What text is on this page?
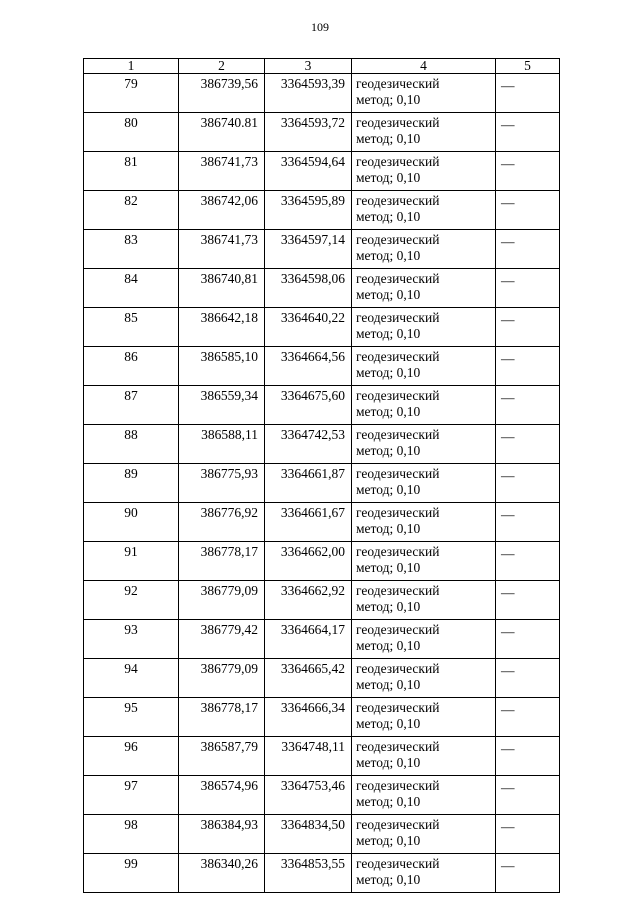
109
1	2	3	4	5
79	386739,56	3364593,39	геодезический
метод; 0,10	—
80	386740.81	3364593,72	геодезический
метод; 0,10	—
81	386741,73	3364594,64	геодезический
метод; 0,10	—
82	386742,06	3364595,89	геодезический
метод; 0,10	—
83	386741,73	3364597,14	геодезический
метод; 0,10	—
84	386740,81	3364598,06	геодезический
метод; 0,10	—
85	386642,18	3364640,22	геодезический
метод; 0,10	—
86	386585,10	3364664,56	геодезический
метод; 0,10	—
87	386559,34	3364675,60	геодезический
метод; 0,10	—
88	386588,11	3364742,53	геодезический
метод; 0,10	—
89	386775,93	3364661,87	геодезический
метод; 0,10	—
90	386776,92	3364661,67	геодезический
метод; 0,10	—
91	386778,17	3364662,00	геодезический
метод; 0,10	—
92	386779,09	3364662,92	геодезический
метод; 0,10	—
93	386779,42	3364664,17	геодезический
метод; 0,10	—
94	386779,09	3364665,42	геодезический
метод; 0,10	—
95	386778,17	3364666,34	геодезический
метод; 0,10	—
96	386587,79	3364748,11	геодезический
метод; 0,10	—
97	386574,96	3364753,46	геодезический
метод; 0,10	—
98	386384,93	3364834,50	геодезический
метод; 0,10	—
99	386340,26	3364853,55	геодезический
метод; 0,10	—
